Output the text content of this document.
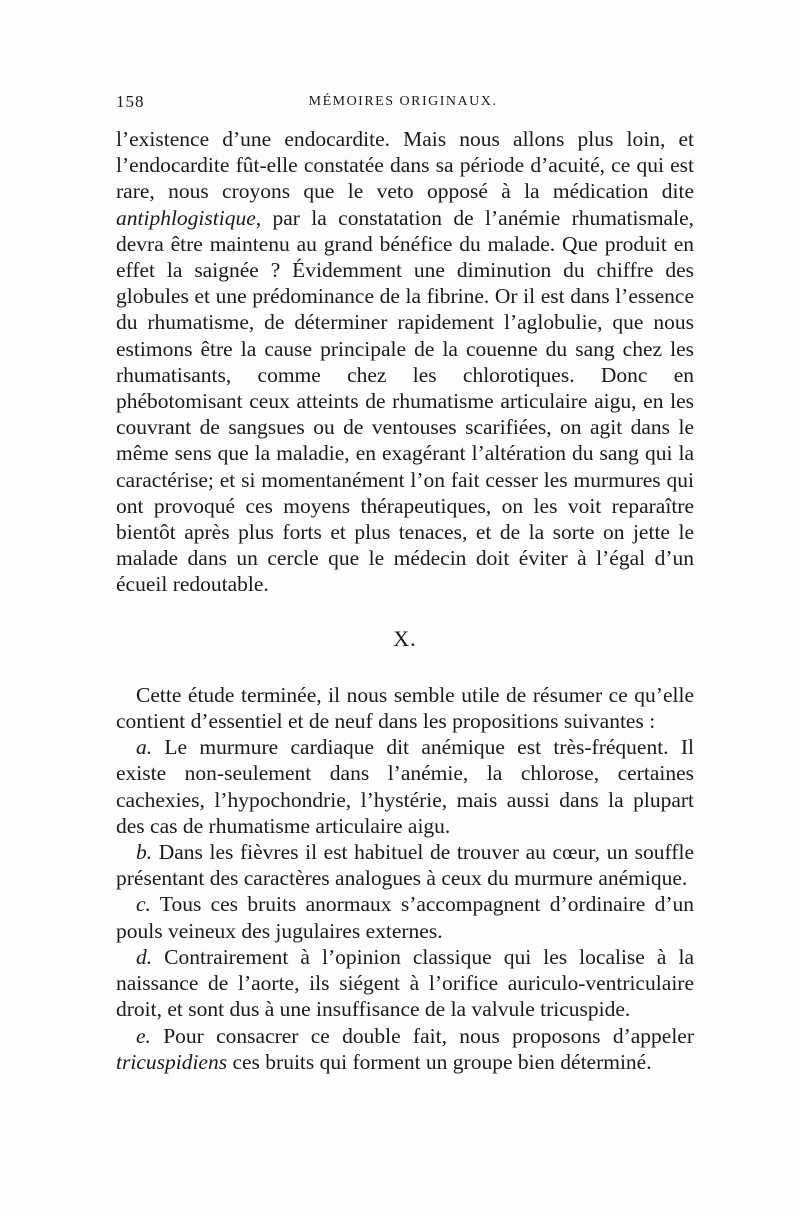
158	MÉMOIRES ORIGINAUX.

l’existence d’une endocardite. Mais nous allons plus loin, et l’endocardite fût-elle constatée dans sa période d’acuité, ce qui est rare, nous croyons que le veto opposé à la médication dite antiphlogistique, par la constatation de l’anémie rhumatismale, devra être maintenu au grand bénéfice du malade. Que produit en effet la saignée ? Évidemment une diminution du chiffre des globules et une prédominance de la fibrine. Or il est dans l’essence du rhumatisme, de déterminer rapidement l’aglobulie, que nous estimons être la cause principale de la couenne du sang chez les rhumatisants, comme chez les chlorotiques. Donc en phébotomisant ceux atteints de rhumatisme articulaire aigu, en les couvrant de sangsues ou de ventouses scarifiées, on agit dans le même sens que la maladie, en exagérant l’altération du sang qui la caractérise; et si momentanément l’on fait cesser les murmures qui ont provoqué ces moyens thérapeutiques, on les voit reparaître bientôt après plus forts et plus tenaces, et de la sorte on jette le malade dans un cercle que le médecin doit éviter à l’égal d’un écueil redoutable.

X.

Cette étude terminée, il nous semble utile de résumer ce qu’elle contient d’essentiel et de neuf dans les propositions suivantes :

a. Le murmure cardiaque dit anémique est très-fréquent. Il existe non-seulement dans l’anémie, la chlorose, certaines cachexies, l’hypochondrie, l’hystérie, mais aussi dans la plupart des cas de rhumatisme articulaire aigu.

b. Dans les fièvres il est habituel de trouver au cœur, un souffle présentant des caractères analogues à ceux du murmure anémique.

c. Tous ces bruits anormaux s’accompagnent d’ordinaire d’un pouls veineux des jugulaires externes.

d. Contrairement à l’opinion classique qui les localise à la naissance de l’aorte, ils siégent à l’orifice auriculo-ventriculaire droit, et sont dus à une insuffisance de la valvule tricuspide.

e. Pour consacrer ce double fait, nous proposons d’appeler tricuspidiens ces bruits qui forment un groupe bien déterminé.
